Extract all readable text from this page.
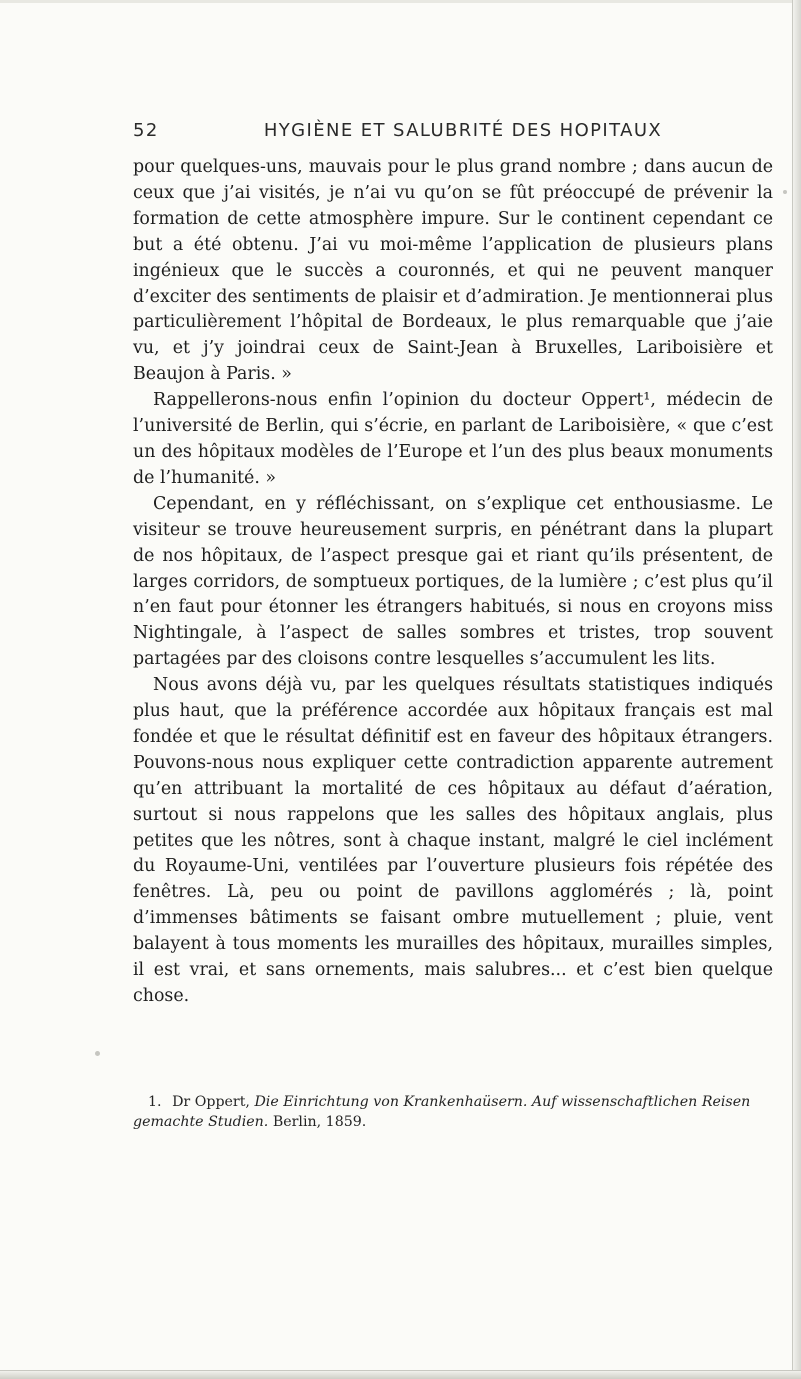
52	HYGIÈNE ET SALUBRITÉ DES HOPITAUX

pour quelques-uns, mauvais pour le plus grand nombre ; dans aucun de ceux que j’ai visités, je n’ai vu qu’on se fût préoccupé de prévenir la formation de cette atmosphère impure. Sur le continent cependant ce but a été obtenu. J’ai vu moi-même l’application de plusieurs plans ingénieux que le succès a couronnés, et qui ne peuvent manquer d’exciter des sentiments de plaisir et d’admiration. Je mentionnerai plus particulièrement l’hôpital de Bordeaux, le plus remarquable que j’aie vu, et j’y joindrai ceux de Saint-Jean à Bruxelles, Lariboisière et Beaujon à Paris. »

Rappellerons-nous enfin l’opinion du docteur Oppert¹, médecin de l’université de Berlin, qui s’écrie, en parlant de Lariboisière, « que c’est un des hôpitaux modèles de l’Europe et l’un des plus beaux monuments de l’humanité. »

Cependant, en y réfléchissant, on s’explique cet enthousiasme. Le visiteur se trouve heureusement surpris, en pénétrant dans la plupart de nos hôpitaux, de l’aspect presque gai et riant qu’ils présentent, de larges corridors, de somptueux portiques, de la lumière ; c’est plus qu’il n’en faut pour étonner les étrangers habitués, si nous en croyons miss Nightingale, à l’aspect de salles sombres et tristes, trop souvent partagées par des cloisons contre lesquelles s’accumulent les lits.

Nous avons déjà vu, par les quelques résultats statistiques indiqués plus haut, que la préférence accordée aux hôpitaux français est mal fondée et que le résultat définitif est en faveur des hôpitaux étrangers. Pouvons-nous nous expliquer cette contradiction apparente autrement qu’en attribuant la mortalité de ces hôpitaux au défaut d’aération, surtout si nous rappelons que les salles des hôpitaux anglais, plus petites que les nôtres, sont à chaque instant, malgré le ciel inclément du Royaume-Uni, ventilées par l’ouverture plusieurs fois répétée des fenêtres. Là, peu ou point de pavillons agglomérés ; là, point d’immenses bâtiments se faisant ombre mutuellement ; pluie, vent balayent à tous moments les murailles des hôpitaux, murailles simples, il est vrai, et sans ornements, mais salubres... et c’est bien quelque chose.

1. Dr Oppert, Die Einrichtung von Krankenhaüsern. Auf wissenschaftlichen Reisen gemachte Studien. Berlin, 1859.
